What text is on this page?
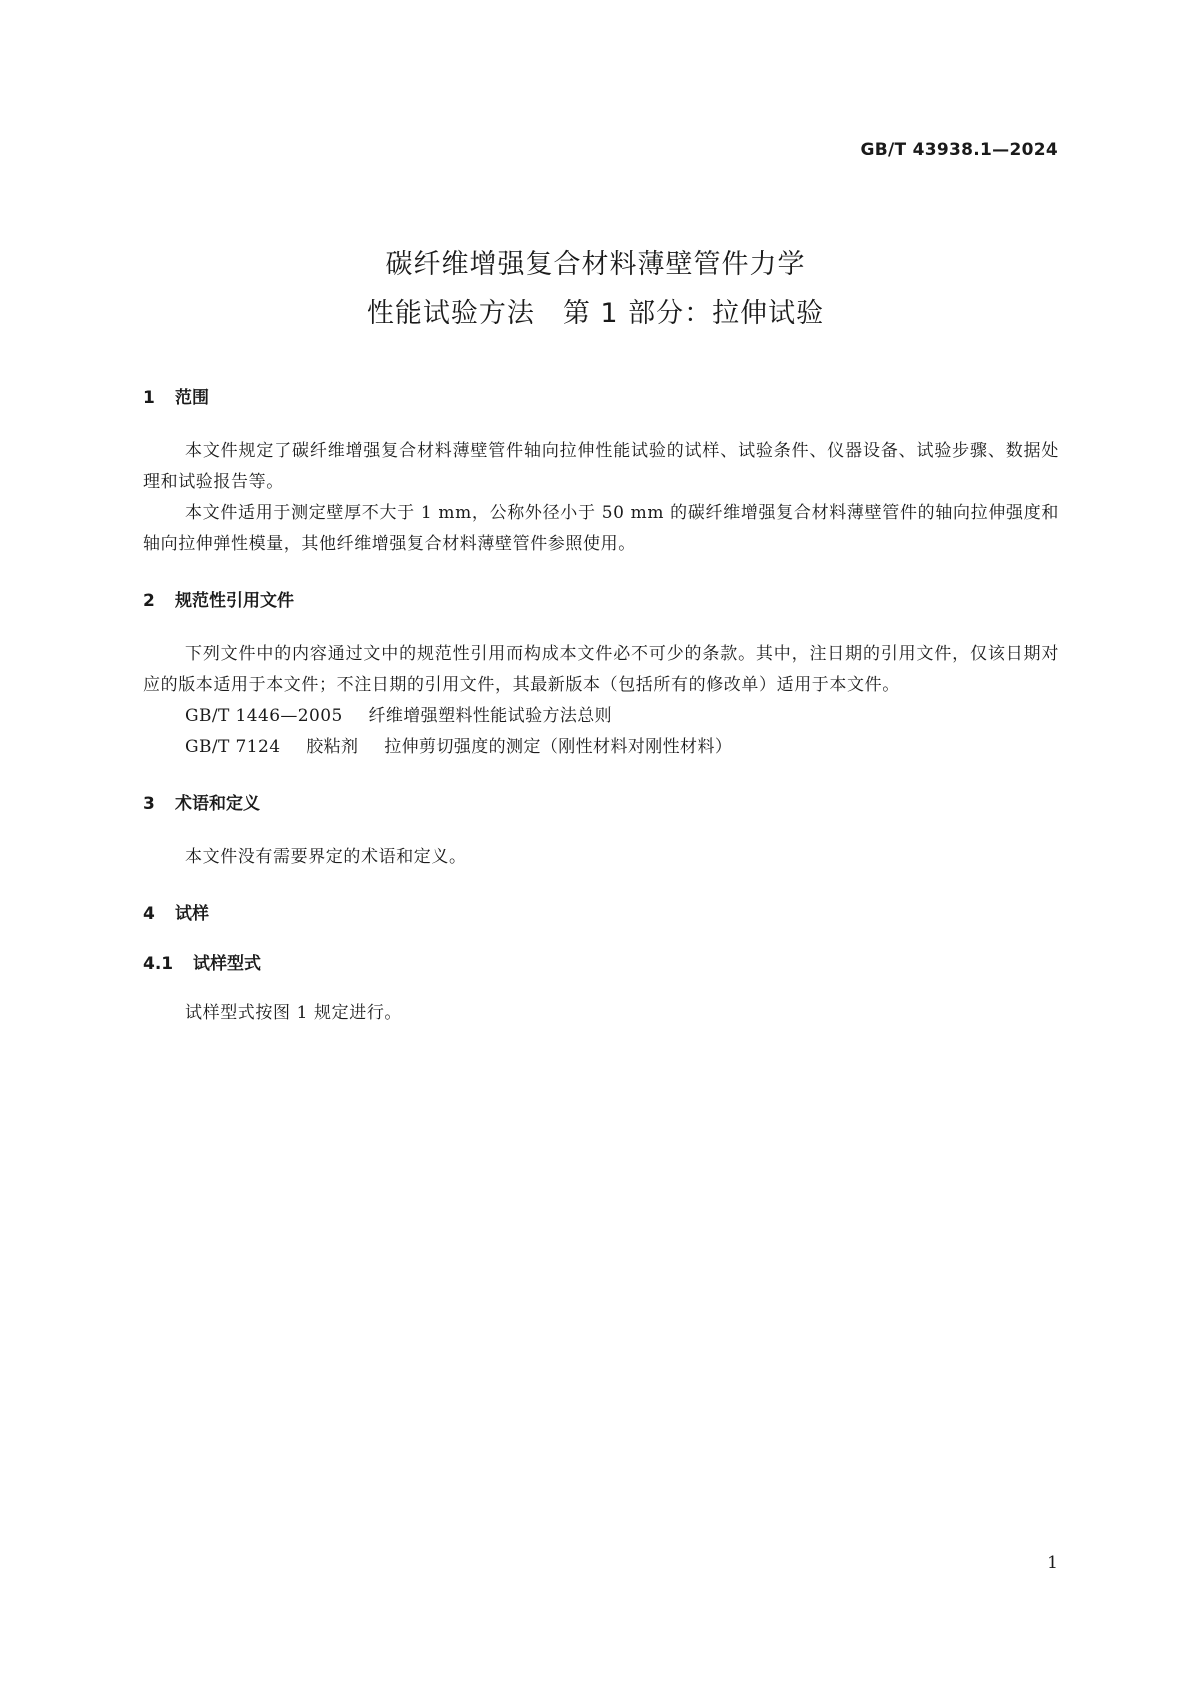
GB/T 43938.1—2024
碳纤维增强复合材料薄壁管件力学
性能试验方法　第 1 部分：拉伸试验
1	范围

本文件规定了碳纤维增强复合材料薄壁管件轴向拉伸性能试验的试样、试验条件、仪器设备、试验步骤、数据处理和试验报告等。

本文件适用于测定壁厚不大于 1 mm，公称外径小于 50 mm 的碳纤维增强复合材料薄壁管件的轴向拉伸强度和轴向拉伸弹性模量，其他纤维增强复合材料薄壁管件参照使用。

2	规范性引用文件

下列文件中的内容通过文中的规范性引用而构成本文件必不可少的条款。其中，注日期的引用文件，仅该日期对应的版本适用于本文件；不注日期的引用文件，其最新版本（包括所有的修改单）适用于本文件。

GB/T 1446—2005 纤维增强塑料性能试验方法总则

GB/T 7124 胶粘剂 拉伸剪切强度的测定（刚性材料对刚性材料）

3	术语和定义

本文件没有需要界定的术语和定义。

4	试样
4.1	试样型式

试样型式按图 1 规定进行。

1
